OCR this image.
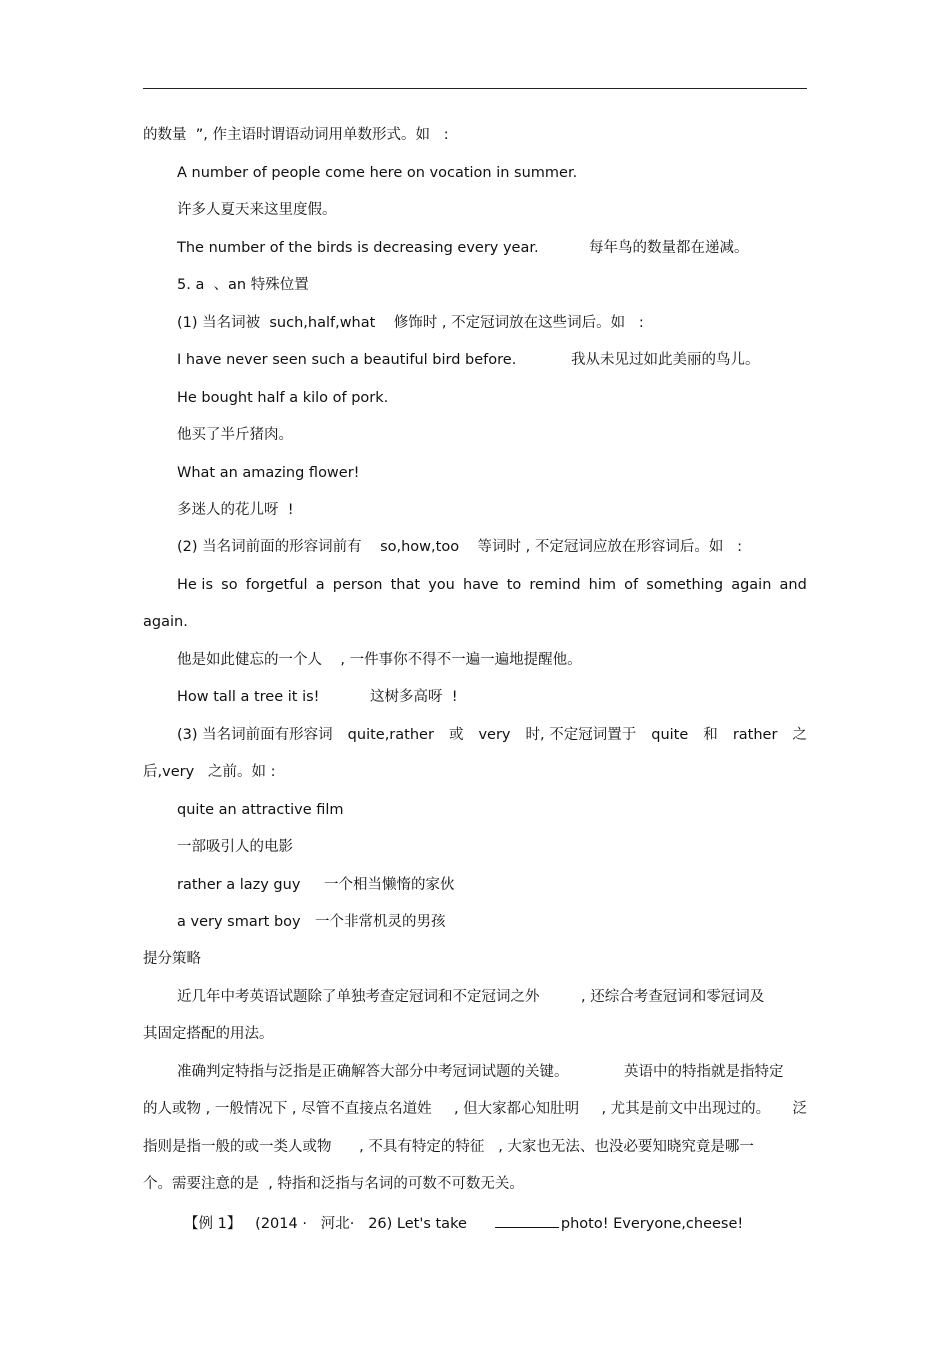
的数量  ”, 作主语时谓语动词用单数形式。如   :
A number of people come here on vocation in summer.
许多人夏天来这里度假。
The number of the birds is decreasing every year.	每年鸟的数量都在递减。
5. a  、an 特殊位置
(1) 当名词被  such,half,what    修饰时 , 不定冠词放在这些词后。如   :
I have never seen such a beautiful bird before.	我从未见过如此美丽的鸟儿。
He bought half a kilo of pork.
他买了半斤猪肉。
What an amazing flower!
多迷人的花儿呀  !
(2) 当名词前面的形容词前有    so,how,too    等词时 , 不定冠词应放在形容词后。如   :
He is so forgetful a person that you have to remind him of something again and
again.
他是如此健忘的一个人    , 一件事你不得不一遍一遍地提醒他。
How tall a tree it is!	这树多高呀  !
(3) 当名词前面有形容词 quite,rather 或 very 时, 不定冠词置于 quite 和 rather 之
后,very   之前。如 :
quite an attractive film
一部吸引人的电影
rather a lazy guy 一个相当懒惰的家伙
a very smart boy 一个非常机灵的男孩
提分策略
近几年中考英语试题除了单独考查定冠词和不定冠词之外         , 还综合考查冠词和零冠词及
其固定搭配的用法。
准确判定特指与泛指是正确解答大部分中考冠词试题的关键。	英语中的特指就是指特定
的人或物 , 一般情况下 , 尽管不直接点名道姓 , 但大家都心知肚明 , 尤其是前文中出现过的。 泛
指则是指一般的或一类人或物      , 不具有特定的特征   , 大家也无法、也没必要知晓究竟是哪一
个。需要注意的是  , 特指和泛指与名词的可数不可数无关。
【例 1】   (2014 ·   河北·   26) Let's take	photo! Everyone,cheese!
